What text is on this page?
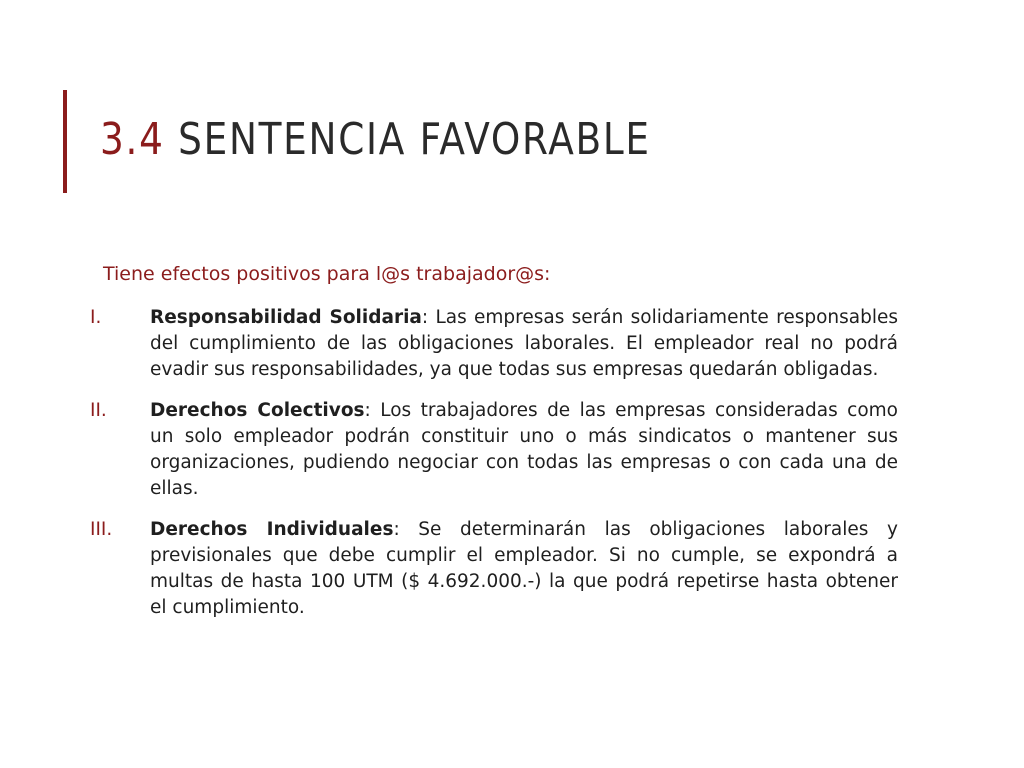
3.4 SENTENCIA FAVORABLE
Tiene efectos positivos para l@s trabajador@s:
I.	Responsabilidad Solidaria: Las empresas serán solidariamente responsables del cumplimiento de las obligaciones laborales. El empleador real no podrá evadir sus responsabilidades, ya que todas sus empresas quedarán obligadas.
II.	Derechos Colectivos: Los trabajadores de las empresas consideradas como un solo empleador podrán constituir uno o más sindicatos o mantener sus organizaciones, pudiendo negociar con todas las empresas o con cada una de ellas.
III.	Derechos Individuales: Se determinarán las obligaciones laborales y previsionales que debe cumplir el empleador. Si no cumple, se expondrá a multas de hasta 100 UTM ($ 4.692.000.-) la que podrá repetirse hasta obtener el cumplimiento.
